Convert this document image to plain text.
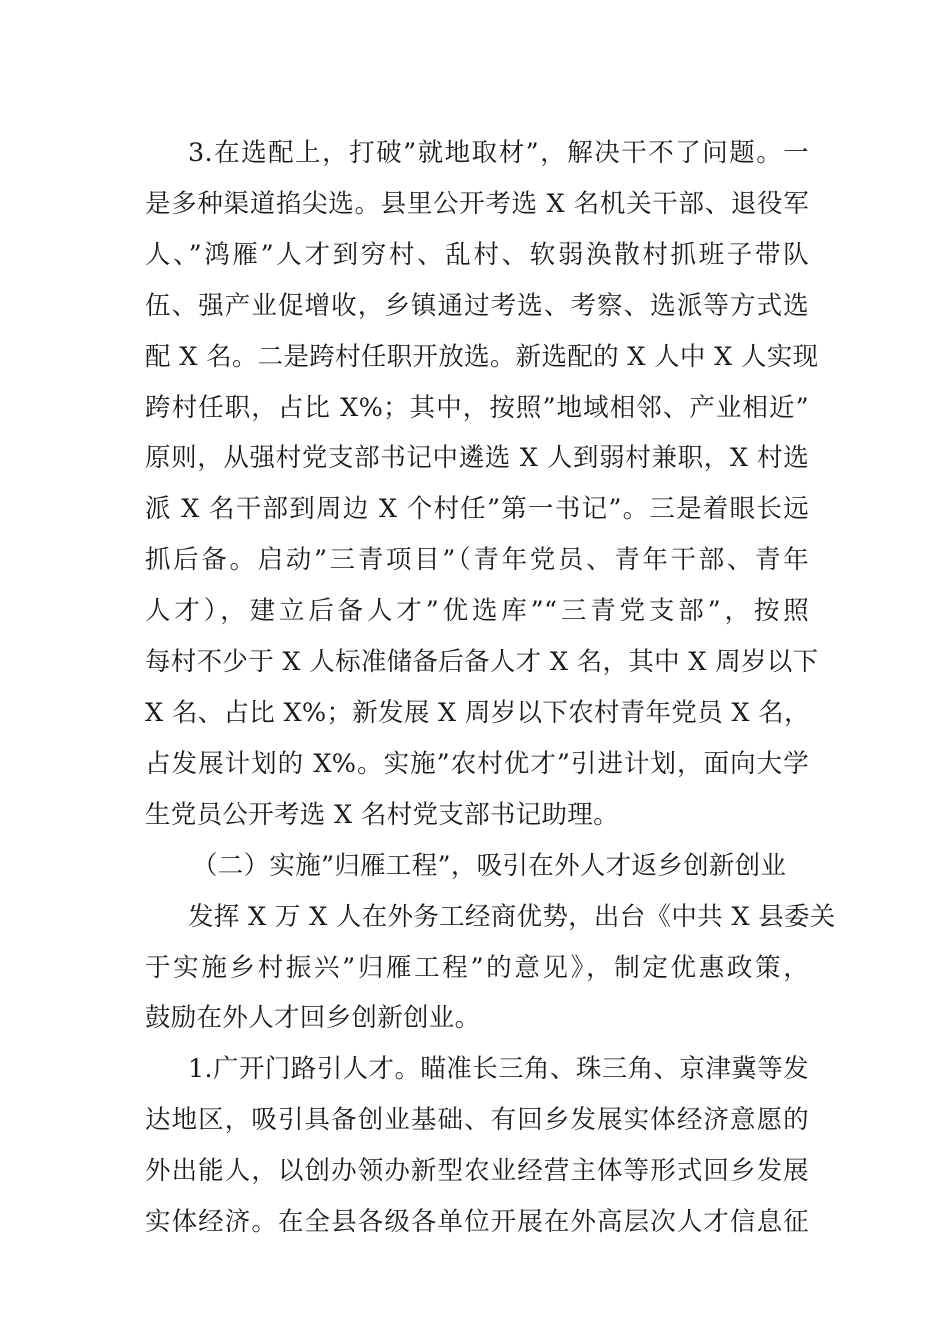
3.在选配上，打破”就地取材”，解决干不了问题。一
是多种渠道掐尖选。县里公开考选 X 名机关干部、退役军
人、”鸿雁”人才到穷村、乱村、软弱涣散村抓班子带队
伍、强产业促增收，乡镇通过考选、考察、选派等方式选
配 X 名。二是跨村任职开放选。新选配的 X 人中 X 人实现
跨村任职，占比 X%；其中，按照”地域相邻、产业相近”
原则，从强村党支部书记中遴选 X 人到弱村兼职，X 村选
派 X 名干部到周边 X 个村任”第一书记”。三是着眼长远
抓后备。启动”三青项目”（青年党员、青年干部、青年
人才），建立后备人才”优选库”“三青党支部”，按照
每村不少于 X 人标准储备后备人才 X 名，其中 X 周岁以下
X 名、占比 X%；新发展 X 周岁以下农村青年党员 X 名，
占发展计划的 X%。实施”农村优才”引进计划，面向大学
生党员公开考选 X 名村党支部书记助理。
（二）实施”归雁工程”，吸引在外人才返乡创新创业
发挥 X 万 X 人在外务工经商优势，出台《中共 X 县委关
于实施乡村振兴”归雁工程”的意见》，制定优惠政策，
鼓励在外人才回乡创新创业。
1.广开门路引人才。瞄准长三角、珠三角、京津冀等发
达地区，吸引具备创业基础、有回乡发展实体经济意愿的
外出能人，以创办领办新型农业经营主体等形式回乡发展
实体经济。在全县各级各单位开展在外高层次人才信息征
